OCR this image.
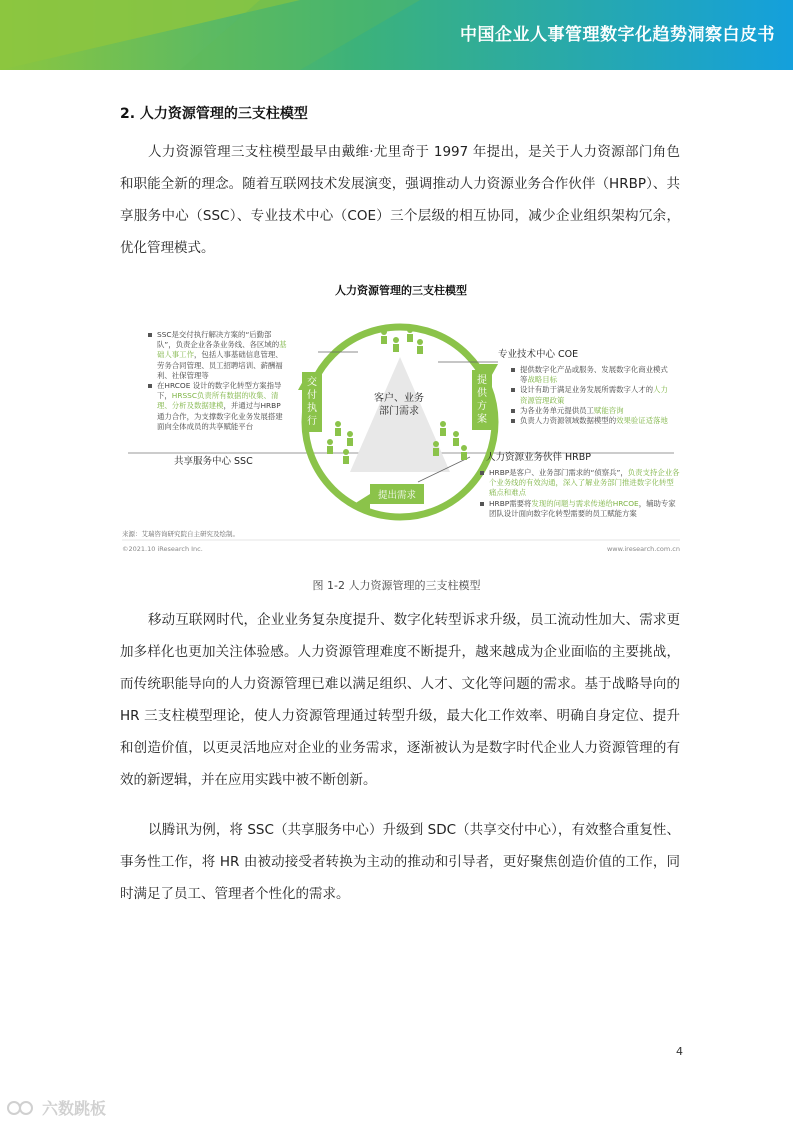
中国企业人事管理数字化趋势洞察白皮书
2. 人力资源管理的三支柱模型
人力资源管理三支柱模型最早由戴维·尤里奇于 1997 年提出，是关于人力资源部门角色和职能全新的理念。随着互联网技术发展演变，强调推动人力资源业务合作伙伴（HRBP）、共享服务中心（SSC）、专业技术中心（COE）三个层级的相互协同，减少企业组织架构冗余，优化管理模式。
人力资源管理的三支柱模型
客户、业务
部门需求
交付执行
提供方案
提出需求
SSC是交付执行解决方案的“后勤部队”，负责企业各条业务线、各区域的基础人事工作，包括人事基础信息管理、劳务合同管理、员工招聘培训、薪酬福利、社保管理等
在HRCOE 设计的数字化转型方案指导下，HRSSC负责所有数据的收集、清理、分析及数据建模，并通过与HRBP 通力合作，为支撑数字化业务发展搭建面向全体成员的共享赋能平台
共享服务中心 SSC
专业技术中心 COE
人力资源业务伙伴 HRBP
提供数字化产品或服务、发展数字化商业模式等战略目标
设计有助于满足业务发展所需数字人才的人力资源管理政策
为各业务单元提供员工赋能咨询
负责人力资源领域数据模型的效果验证适落地
HRBP是客户、业务部门需求的“侦察兵”，负责支持企业各个业务线的有效沟通，深入了解业务部门推进数字化转型痛点和难点
HRBP需要将发现的问题与需求传递给HRCOE，辅助专家团队设计面向数字化转型需要的员工赋能方案
来源：艾瑞咨询研究院自主研究及绘制。
©2021.10 iResearch Inc.	www.iresearch.com.cn
图 1-2 人力资源管理的三支柱模型
移动互联网时代，企业业务复杂度提升、数字化转型诉求升级，员工流动性加大、需求更加多样化也更加关注体验感。人力资源管理难度不断提升，越来越成为企业面临的主要挑战，而传统职能导向的人力资源管理已难以满足组织、人才、文化等问题的需求。基于战略导向的 HR 三支柱模型理论，使人力资源管理通过转型升级，最大化工作效率、明确自身定位、提升和创造价值，以更灵活地应对企业的业务需求，逐渐被认为是数字时代企业人力资源管理的有效的新逻辑，并在应用实践中被不断创新。
以腾讯为例，将 SSC（共享服务中心）升级到 SDC（共享交付中心），有效整合重复性、事务性工作，将 HR 由被动接受者转换为主动的推动和引导者，更好聚焦创造价值的工作，同时满足了员工、管理者个性化的需求。
4
六数跳板
